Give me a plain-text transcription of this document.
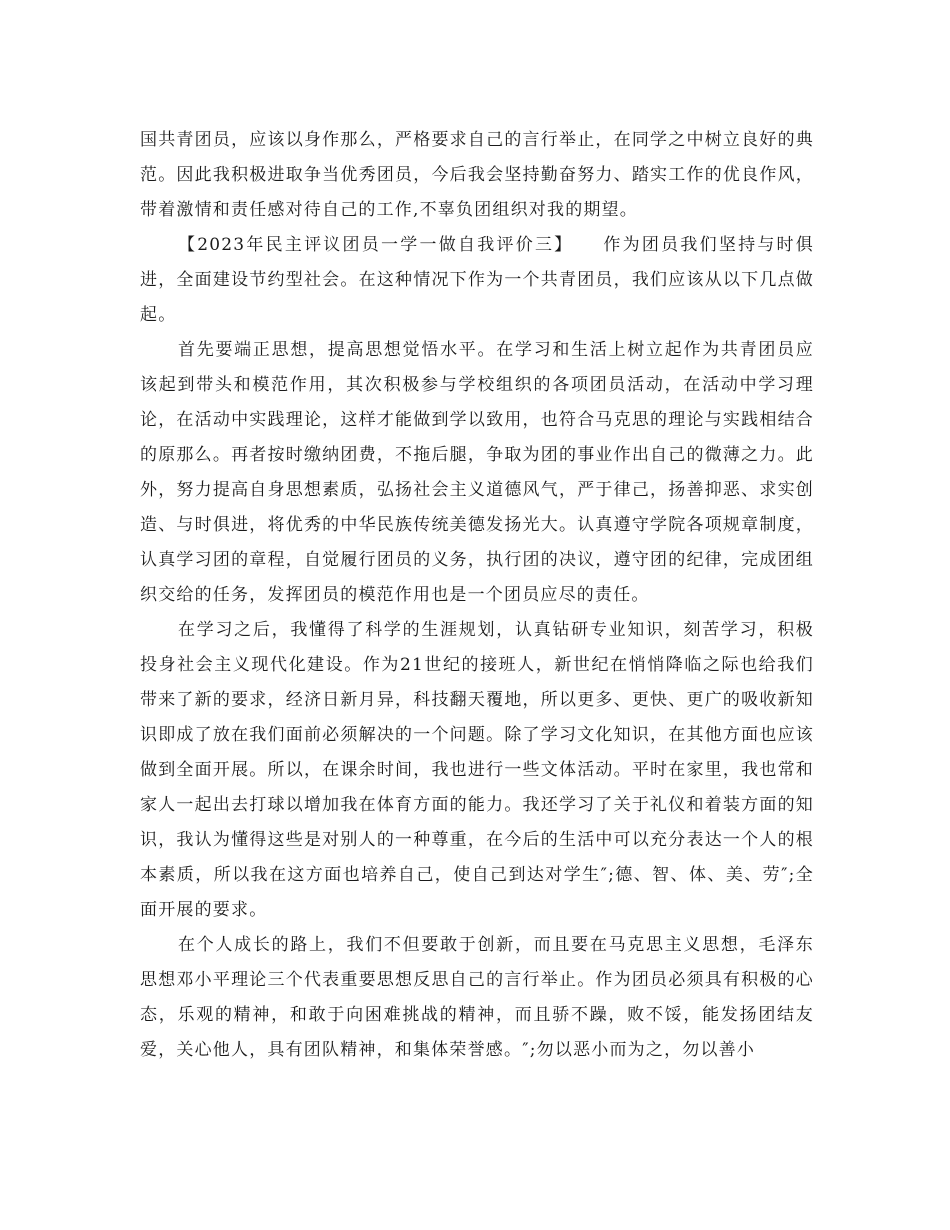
国共青团员，应该以身作那么，严格要求自己的言行举止，在同学之中树立良好的典范。因此我积极进取争当优秀团员，今后我会坚持勤奋努力、踏实工作的优良作风，带着激情和责任感对待自己的工作,不辜负团组织对我的期望。

【2023年民主评议团员一学一做自我评价三】　　作为团员我们坚持与时俱进，全面建设节约型社会。在这种情况下作为一个共青团员，我们应该从以下几点做起。

首先要端正思想，提高思想觉悟水平。在学习和生活上树立起作为共青团员应该起到带头和模范作用，其次积极参与学校组织的各项团员活动，在活动中学习理论，在活动中实践理论，这样才能做到学以致用，也符合马克思的理论与实践相结合的原那么。再者按时缴纳团费，不拖后腿，争取为团的事业作出自己的微薄之力。此外，努力提高自身思想素质，弘扬社会主义道德风气，严于律己，扬善抑恶、求实创造、与时俱进，将优秀的中华民族传统美德发扬光大。认真遵守学院各项规章制度，认真学习团的章程，自觉履行团员的义务，执行团的决议，遵守团的纪律，完成团组织交给的任务，发挥团员的模范作用也是一个团员应尽的责任。

在学习之后，我懂得了科学的生涯规划，认真钻研专业知识，刻苦学习，积极投身社会主义现代化建设。作为21世纪的接班人，新世纪在悄悄降临之际也给我们带来了新的要求，经济日新月异，科技翻天覆地，所以更多、更快、更广的吸收新知识即成了放在我们面前必须解决的一个问题。除了学习文化知识，在其他方面也应该做到全面开展。所以，在课余时间，我也进行一些文体活动。平时在家里，我也常和家人一起出去打球以增加我在体育方面的能力。我还学习了关于礼仪和着装方面的知识，我认为懂得这些是对别人的一种尊重，在今后的生活中可以充分表达一个人的根本素质，所以我在这方面也培养自己，使自己到达对学生″;德、智、体、美、劳″;全面开展的要求。

在个人成长的路上，我们不但要敢于创新，而且要在马克思主义思想，毛泽东思想邓小平理论三个代表重要思想反思自己的言行举止。作为团员必须具有积极的心态，乐观的精神，和敢于向困难挑战的精神，而且骄不躁，败不馁，能发扬团结友爱，关心他人，具有团队精神，和集体荣誉感。″;勿以恶小而为之，勿以善小
